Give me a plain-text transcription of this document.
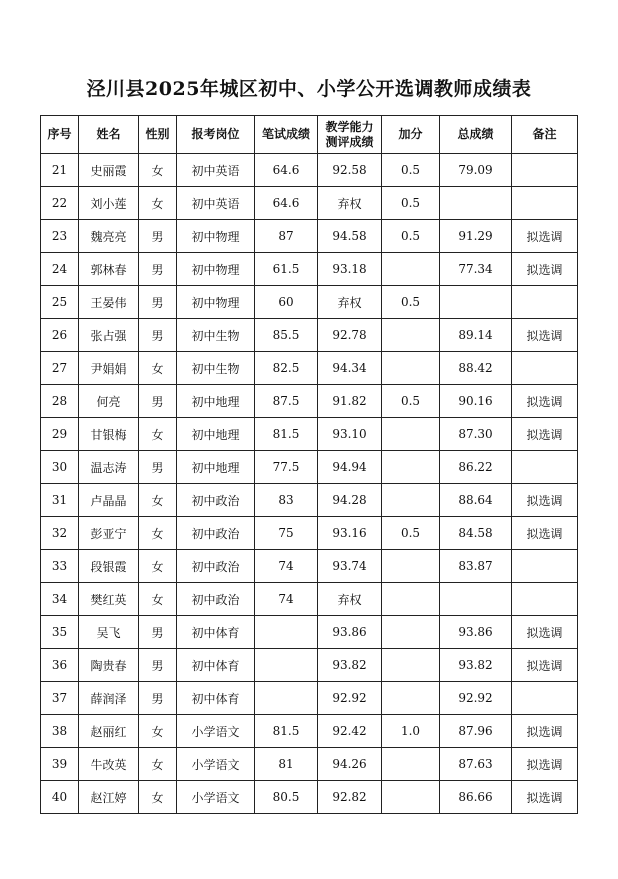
泾川县2025年城区初中、小学公开选调教师成绩表
序号	姓名	性别	报考岗位	笔试成绩	教学能力
测评成绩	加分	总成绩	备注
21	史丽霞	女	初中英语	64.6	92.58	0.5	79.09	
22	刘小莲	女	初中英语	64.6	弃权	0.5		
23	魏亮亮	男	初中物理	87	94.58	0.5	91.29	拟选调
24	郭林春	男	初中物理	61.5	93.18		77.34	拟选调
25	王晏伟	男	初中物理	60	弃权	0.5		
26	张占强	男	初中生物	85.5	92.78		89.14	拟选调
27	尹娟娟	女	初中生物	82.5	94.34		88.42	
28	何亮	男	初中地理	87.5	91.82	0.5	90.16	拟选调
29	甘银梅	女	初中地理	81.5	93.10		87.30	拟选调
30	温志涛	男	初中地理	77.5	94.94		86.22	
31	卢晶晶	女	初中政治	83	94.28		88.64	拟选调
32	彭亚宁	女	初中政治	75	93.16	0.5	84.58	拟选调
33	段银霞	女	初中政治	74	93.74		83.87	
34	樊红英	女	初中政治	74	弃权			
35	吴飞	男	初中体育		93.86		93.86	拟选调
36	陶贵春	男	初中体育		93.82		93.82	拟选调
37	薛润泽	男	初中体育		92.92		92.92	
38	赵丽红	女	小学语文	81.5	92.42	1.0	87.96	拟选调
39	牛改英	女	小学语文	81	94.26		87.63	拟选调
40	赵江婷	女	小学语文	80.5	92.82		86.66	拟选调
